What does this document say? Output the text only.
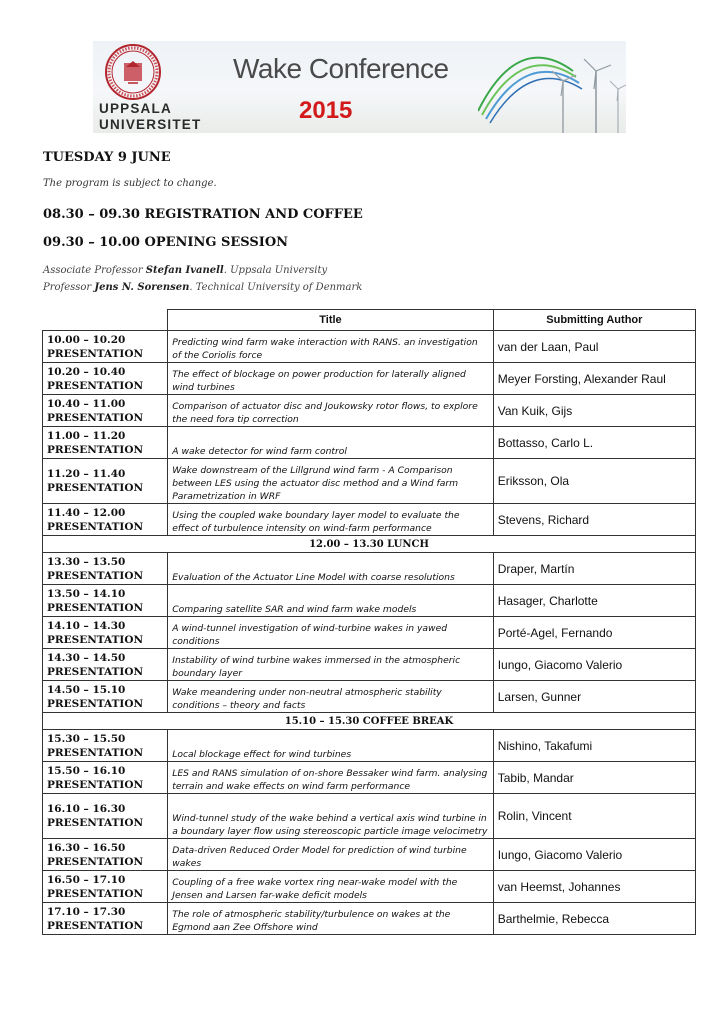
UPPSALA
UNIVERSITET
Wake Conference
2015
TUESDAY 9 JUNE
The program is subject to change.
08.30 – 09.30 REGISTRATION AND COFFEE
09.30 – 10.00 OPENING SESSION
Associate Professor Stefan Ivanell. Uppsala University
Professor Jens N. Sorensen. Technical University of Denmark
	Title	Submitting Author

10.00 – 10.20
PRESENTATION	Predicting wind farm wake interaction with RANS. an investigation of the Coriolis force	van der Laan, Paul

10.20 – 10.40
PRESENTATION	The effect of blockage on power production for laterally aligned wind turbines	Meyer Forsting, Alexander Raul

10.40 – 11.00
PRESENTATION	Comparison of actuator disc and Joukowsky rotor flows, to explore the need fora tip correction	Van Kuik, Gijs

11.00 – 11.20
PRESENTATION	A wake detector for wind farm control	Bottasso, Carlo L.

11.20 – 11.40
PRESENTATION	Wake downstream of the Lillgrund wind farm - A Comparison between LES using the actuator disc method and a Wind farm Parametrization in WRF	Eriksson, Ola

11.40 – 12.00
PRESENTATION	Using the coupled wake boundary layer model to evaluate the effect of turbulence intensity on wind-farm performance	Stevens, Richard
12.00 – 13.30 LUNCH		

13.30 – 13.50
PRESENTATION	Evaluation of the Actuator Line Model with coarse resolutions	Draper, Martín

13.50 – 14.10
PRESENTATION	Comparing satellite SAR and wind farm wake models	Hasager, Charlotte

14.10 – 14.30
PRESENTATION	A wind-tunnel investigation of wind-turbine wakes in yawed conditions	Porté-Agel, Fernando

14.30 – 14.50
PRESENTATION	Instability of wind turbine wakes immersed in the atmospheric boundary layer	Iungo, Giacomo Valerio

14.50 – 15.10
PRESENTATION	Wake meandering under non-neutral atmospheric stability conditions – theory and facts	Larsen, Gunner
15.10 – 15.30 COFFEE BREAK		

15.30 – 15.50
PRESENTATION	Local blockage effect for wind turbines	Nishino, Takafumi

15.50 – 16.10
PRESENTATION	LES and RANS simulation of on-shore Bessaker wind farm. analysing terrain and wake effects on wind farm performance	Tabib, Mandar

16.10 – 16.30
PRESENTATION	Wind-tunnel study of the wake behind a vertical axis wind turbine in a boundary layer flow using stereoscopic particle image velocimetry	Rolin, Vincent

16.30 – 16.50
PRESENTATION	Data-driven Reduced Order Model for prediction of wind turbine wakes	Iungo, Giacomo Valerio

16.50 – 17.10
PRESENTATION	Coupling of a free wake vortex ring near-wake model with the Jensen and Larsen far-wake deficit models	van Heemst, Johannes

17.10 – 17.30
PRESENTATION	The role of atmospheric stability/turbulence on wakes at the Egmond aan Zee Offshore wind	Barthelmie, Rebecca
